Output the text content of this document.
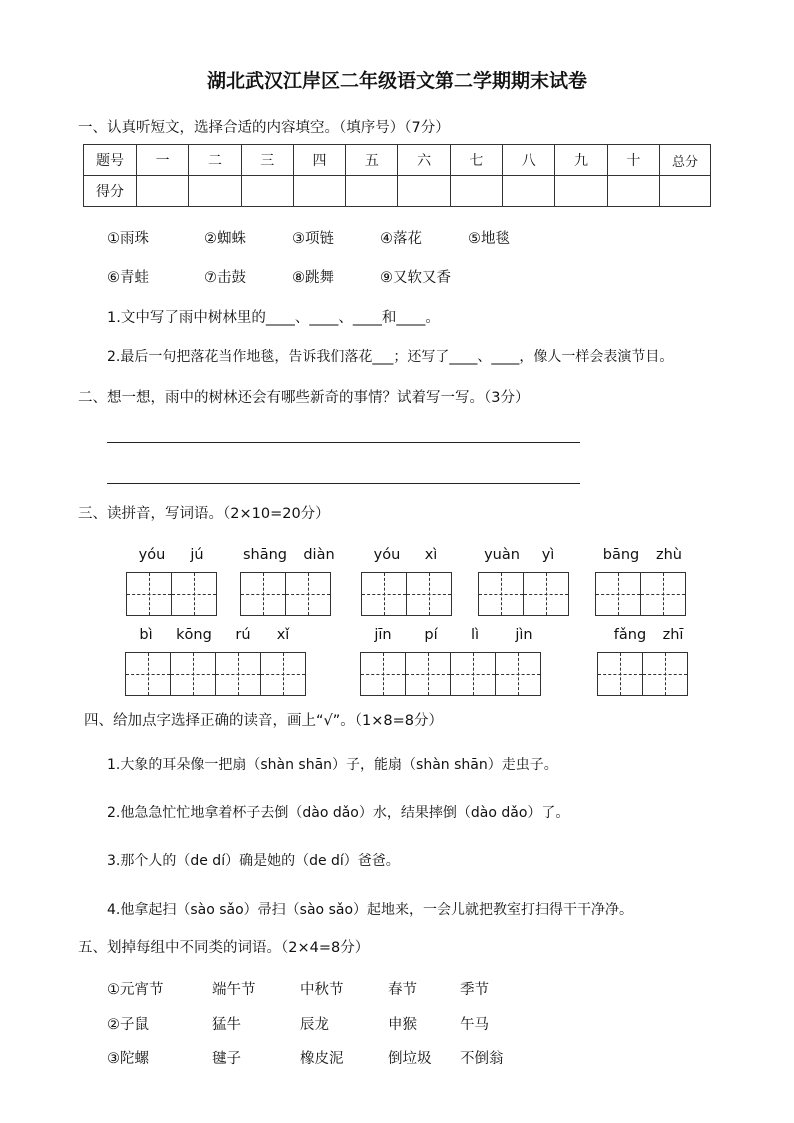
湖北武汉江岸区二年级语文第二学期期末试卷
一、认真听短文，选择合适的内容填空。（填序号）（7分）
题号	一	二	三	四	五	六	七	八	九	十	总分
得分											
①雨珠	②蜘蛛	③项链	④落花	⑤地毯
⑥青蛙	⑦击鼓	⑧跳舞	⑨又软又香
1.文中写了雨中树林里的____、____、____和____。
2.最后一句把落花当作地毯，告诉我们落花___；还写了____、____，像人一样会表演节目。
二、想一想，雨中的树林还会有哪些新奇的事情？试着写一写。（3分）
三、读拼音，写词语。（2×10=20分）
yóu	jú	shāng	diàn	yóu	xì	yuàn	yì	bāng	zhù
bì	kōng	rú	xǐ	jīn	pí	lì	jìn	fǎng	zhī
四、给加点字选择正确的读音，画上“√”。（1×8=8分）
1.大象的耳朵像一把扇（shàn shān）子，能扇（shàn shān）走虫子。
2.他急急忙忙地拿着杯子去倒（dào dǎo）水，结果摔倒（dào dǎo）了。
3.那个人的（de dí）确是她的（de dí）爸爸。
4.他拿起扫（sào sǎo）帚扫（sào sǎo）起地来，一会儿就把教室打扫得干干净净。
五、划掉每组中不同类的词语。（2×4=8分）
①元宵节	端午节	中秋节	春节	季节
②子鼠	猛牛	辰龙	申猴	午马
③陀螺	毽子	橡皮泥	倒垃圾 不倒翁
